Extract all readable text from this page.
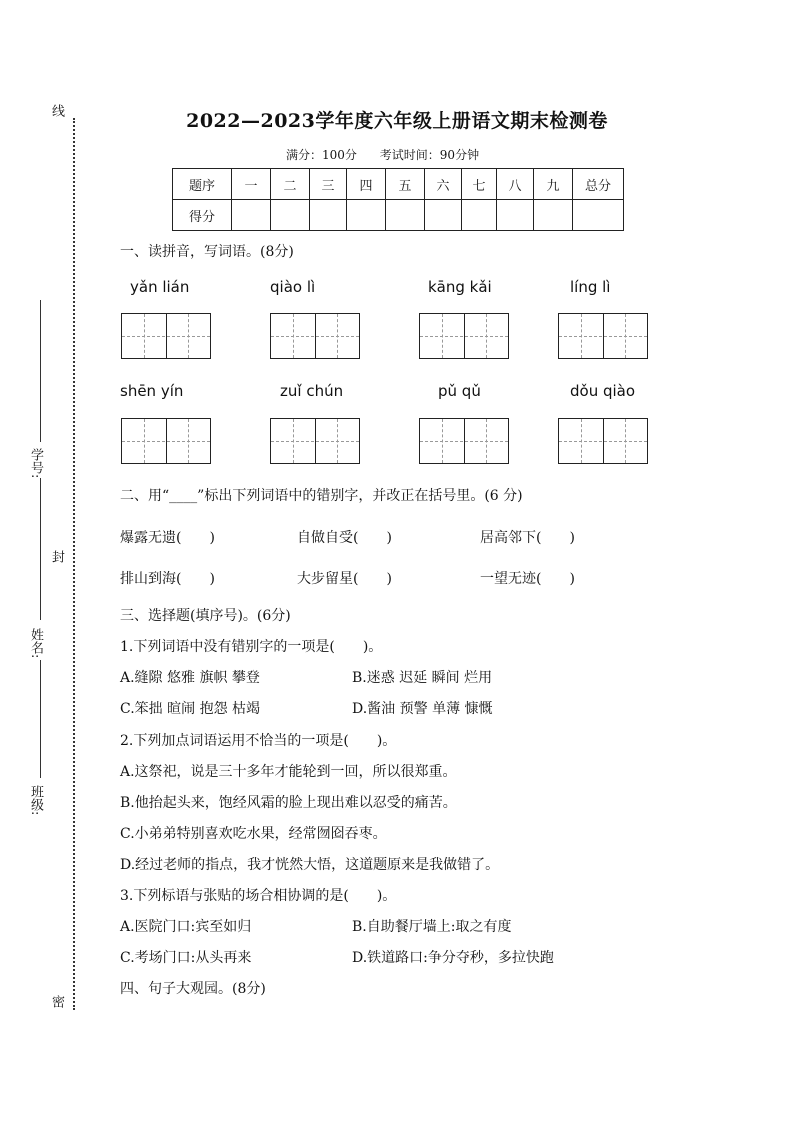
线
封
密
学号:
姓名:
班级:
2022—2023学年度六年级上册语文期末检测卷
满分：100分 考试时间：90分钟
题序	一	二	三	四	五	六	七	八	九	总分
得分										
一、读拼音，写词语。(8分)
yǎn lián	qiào lì	kāng kǎi	líng lì
shēn yín	zuǐ chún	pǔ qǔ	dǒu qiào
二、用“____”标出下列词语中的错别字，并改正在括号里。(6 分)
爆露无遗(　　)	自做自受(　　)	居高邻下(　　)
排山到海(　　)	大步留星(　　)	一望无迹(　　)
三、选择题(填序号)。(6分)
1.下列词语中没有错别字的一项是(　　)。
A.缝隙 悠雅 旗帜 攀登	B.迷惑 迟延 瞬间 烂用
C.笨拙 暄闹 抱怨 枯竭	D.酱油 预警 单薄 慷慨
2.下列加点词语运用不恰当的一项是(　　)。
A.这祭祀，说是三十多年才能轮到一回，所以很郑重。
B.他抬起头来，饱经风霜的脸上现出难以忍受的痛苦。
C.小弟弟特别喜欢吃水果，经常囫囵吞枣。
D.经过老师的指点，我才恍然大悟，这道题原来是我做错了。
3.下列标语与张贴的场合相协调的是(　　)。
A.医院门口:宾至如归	B.自助餐厅墙上:取之有度
C.考场门口:从头再来	D.铁道路口:争分夺秒，多拉快跑
四、句子大观园。(8分)
